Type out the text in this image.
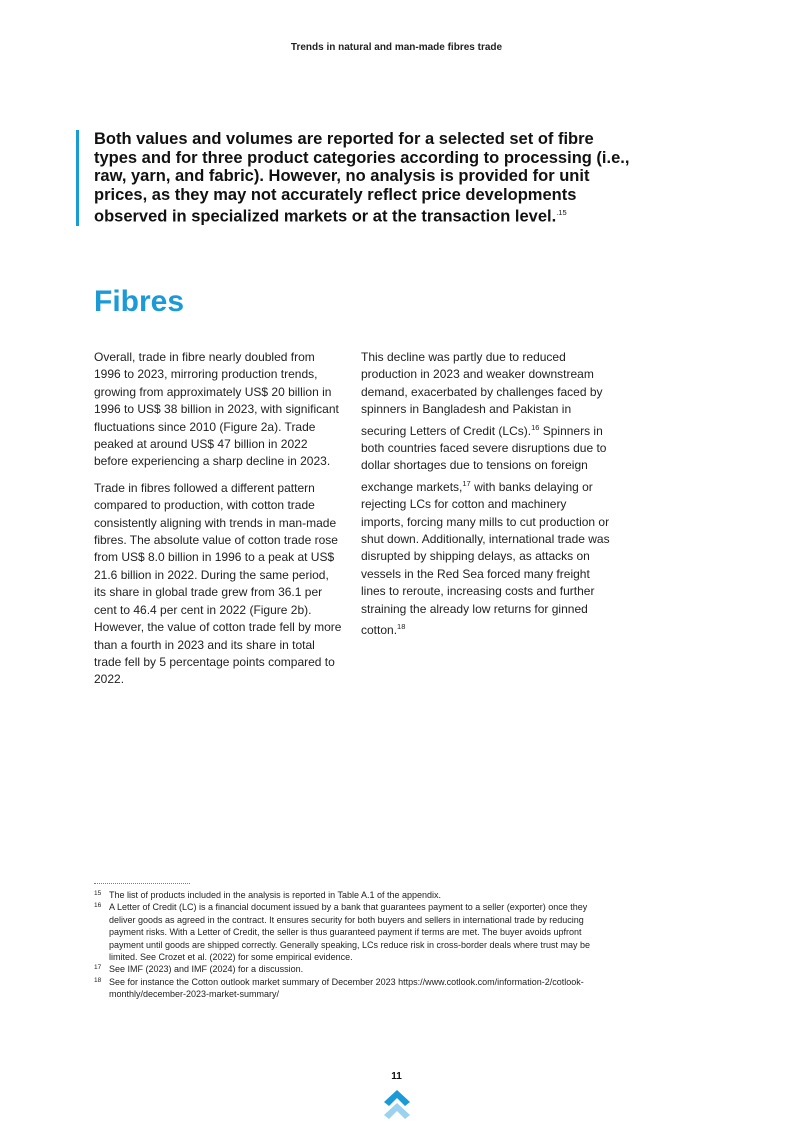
Trends in natural and man-made fibres trade

Both values and volumes are reported for a selected set of fibre types and for three product categories according to processing (i.e., raw, yarn, and fabric). However, no analysis is provided for unit prices, as they may not accurately reflect price developments observed in specialized markets or at the transaction level.$^{.15}$

Fibres

Overall, trade in fibre nearly doubled from 1996 to 2023, mirroring production trends, growing from approximately US$ 20 billion in 1996 to US$ 38 billion in 2023, with significant fluctuations since 2010 (Figure 2a). Trade peaked at around US$ 47 billion in 2022 before experiencing a sharp decline in 2023.

Trade in fibres followed a different pattern compared to production, with cotton trade consistently aligning with trends in man-made fibres. The absolute value of cotton trade rose from US$ 8.0 billion in 1996 to a peak at US$ 21.6 billion in 2022. During the same period, its share in global trade grew from 36.1 per cent to 46.4 per cent in 2022 (Figure 2b). However, the value of cotton trade fell by more than a fourth in 2023 and its share in total trade fell by 5 percentage points compared to 2022.

This decline was partly due to reduced production in 2023 and weaker downstream demand, exacerbated by challenges faced by spinners in Bangladesh and Pakistan in securing Letters of Credit (LCs).$^{16}$ Spinners in both countries faced severe disruptions due to dollar shortages due to tensions on foreign exchange markets,$^{17}$ with banks delaying or rejecting LCs for cotton and machinery imports, forcing many mills to cut production or shut down. Additionally, international trade was disrupted by shipping delays, as attacks on vessels in the Red Sea forced many freight lines to reroute, increasing costs and further straining the already low returns for ginned cotton.$^{18}$

15 The list of products included in the analysis is reported in Table A.1 of the appendix.
16 A Letter of Credit (LC) is a financial document issued by a bank that guarantees payment to a seller (exporter) once they deliver goods as agreed in the contract. It ensures security for both buyers and sellers in international trade by reducing payment risks. With a Letter of Credit, the seller is thus guaranteed payment if terms are met. The buyer avoids upfront payment until goods are shipped correctly. Generally speaking, LCs reduce risk in cross-border deals where trust may be limited. See Crozet et al. (2022) for some empirical evidence.
17 See IMF (2023) and IMF (2024) for a discussion.
18 See for instance the Cotton outlook market summary of December 2023 https://www.cotlook.com/information-2/cotlook-monthly/december-2023-market-summary/
11
